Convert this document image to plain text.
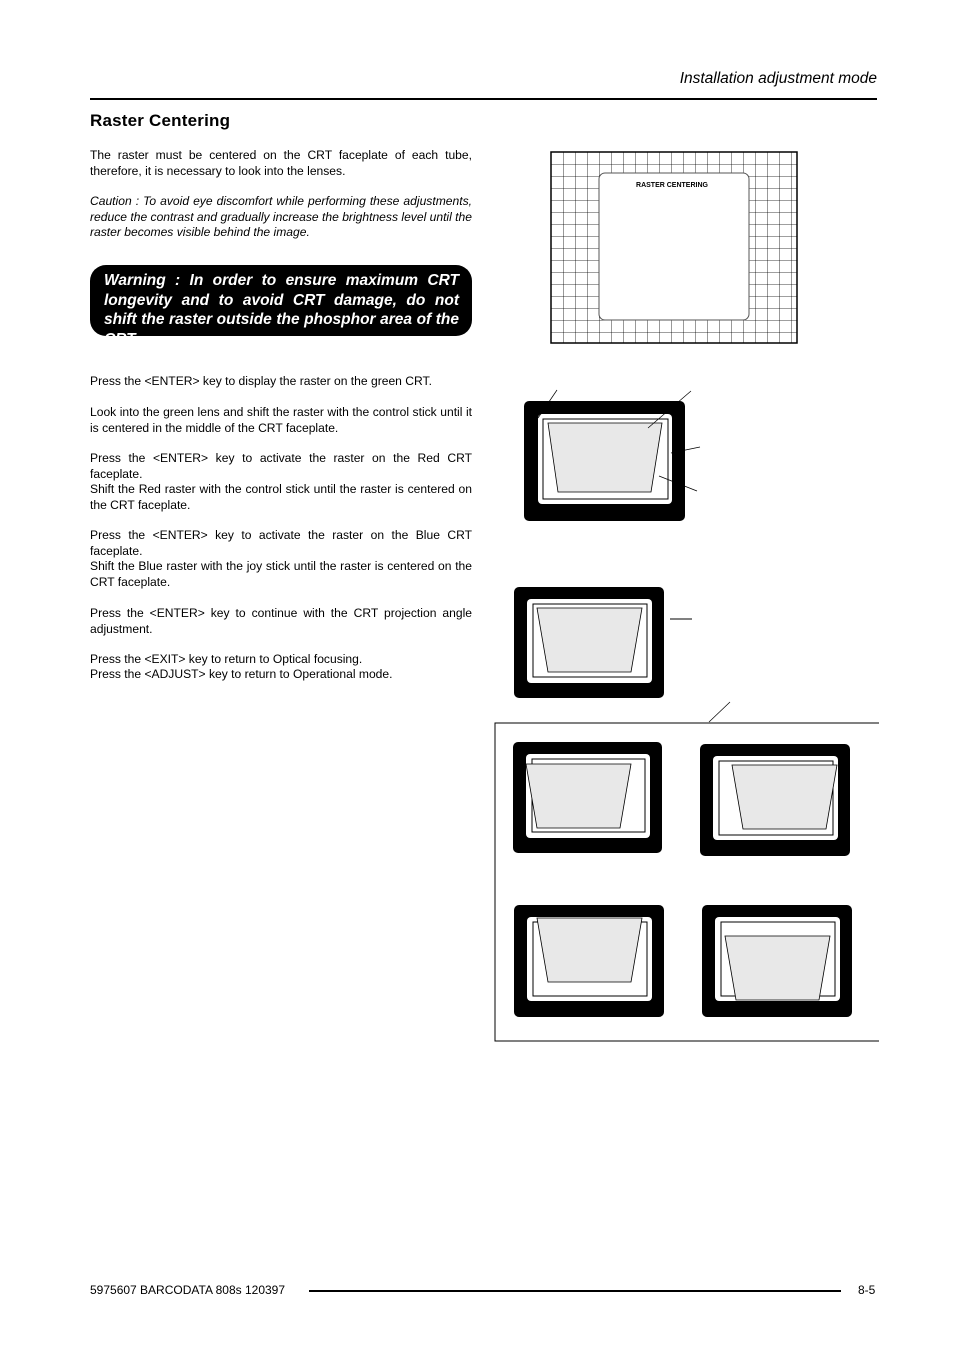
Installation adjustment mode
Raster Centering

The raster must be centered on the CRT faceplate of each tube, therefore, it is necessary to look into the lenses.

Caution : To avoid eye discomfort while performing these adjustments, reduce the contrast and gradually increase the brightness level until the raster becomes visible behind the image.

Warning : In order to ensure maximum CRT longevity and to avoid CRT damage, do not shift the raster outside the phosphor area of the CRT.

Press the <ENTER> key to display the raster on the green CRT.

Look into the green lens and shift the raster with the control stick until it is centered in the middle of the CRT faceplate.

Press the <ENTER> key to activate the raster on the Red CRT faceplate.

Shift the Red raster with the control stick until the raster is centered on the CRT faceplate.

Press the <ENTER> key to activate the raster on the Blue CRT faceplate.

Shift the Blue raster with the joy stick until the raster is centered on the CRT faceplate.

Press the <ENTER> key to continue with the CRT projection angle adjustment.

Press the <EXIT> key to return to Optical focusing.

Press the <ADJUST> key to return to Operational mode.

RASTER CENTERING
5975607 BARCODATA 808s 120397	8-5
